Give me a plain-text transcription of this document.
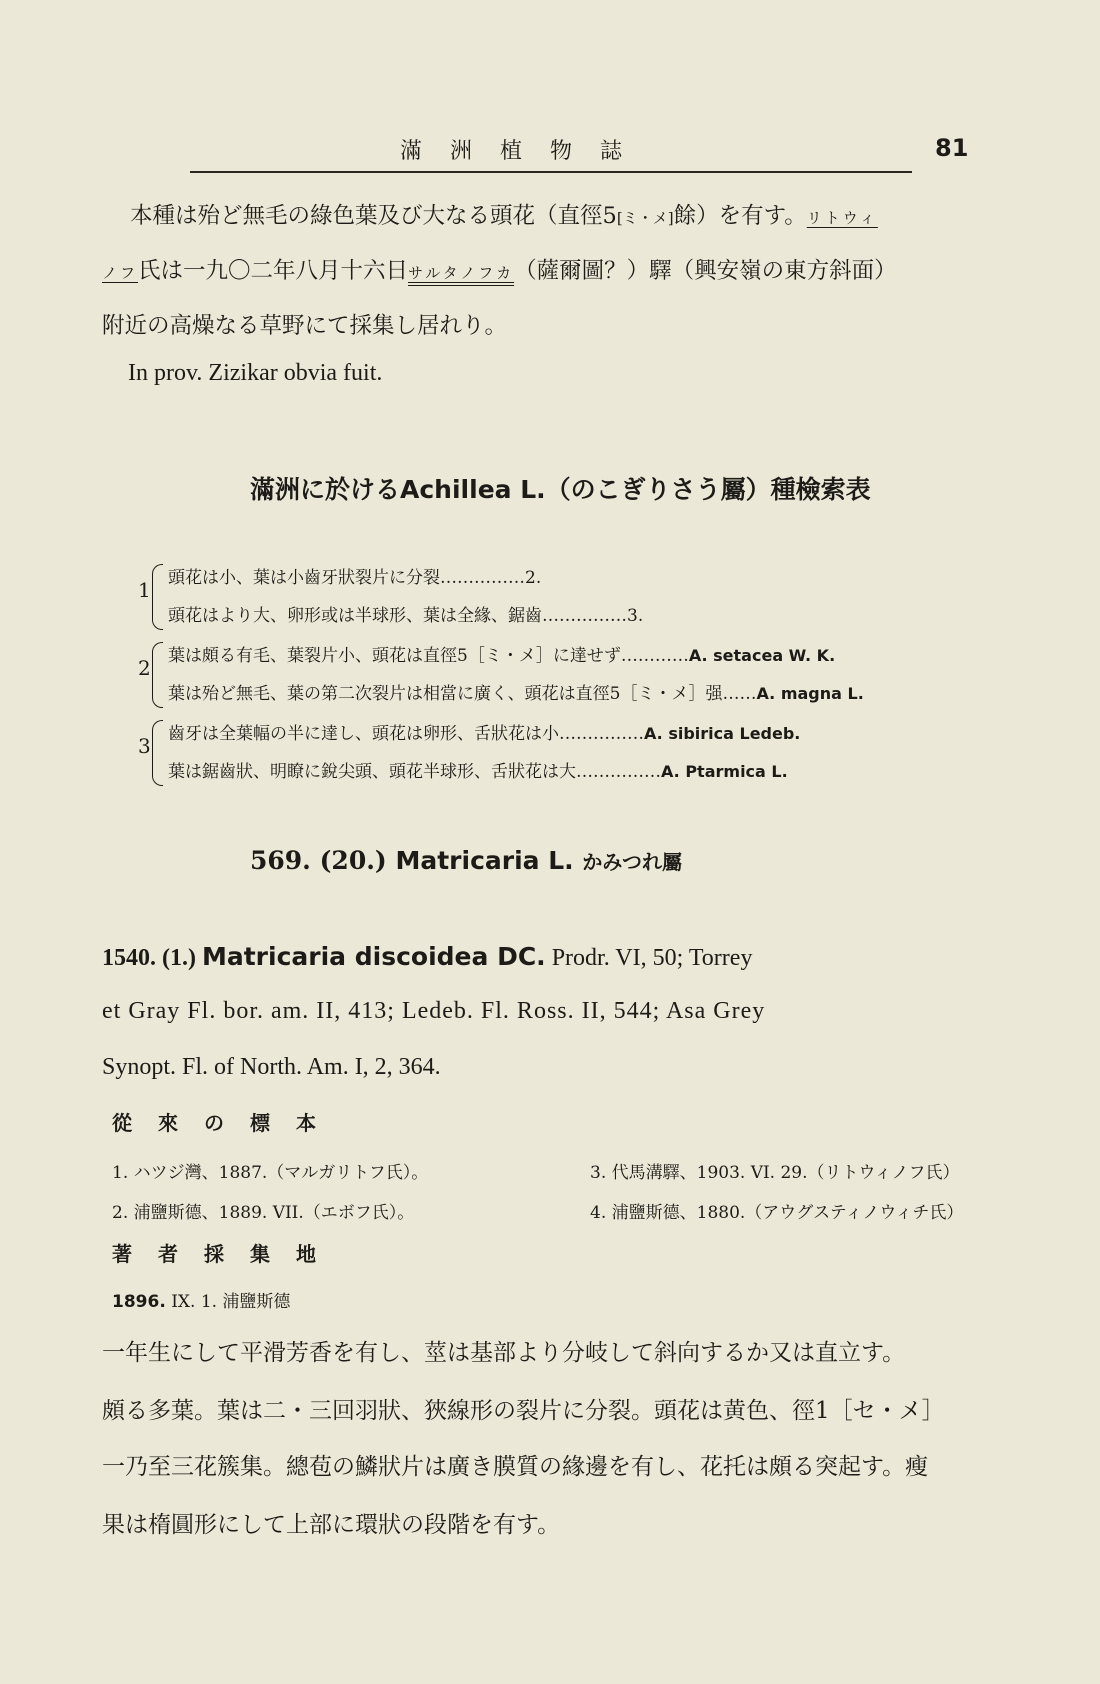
滿洲植物誌	81
本種は殆ど無毛の綠色葉及び大なる頭花（直徑5[ミ・メ]餘）を有す。リトウィ
ノフ氏は一九〇二年八月十六日サルタノフカ（薩爾圖？）驛（興安嶺の東方斜面）
附近の高燥なる草野にて採集し居れり。
In prov. Zizikar obvia fuit.
滿洲に於けるAchillea L.（のこぎりさう屬）種檢索表
1 頭花は小、葉は小齒牙狀裂片に分裂……………2.
頭花はより大、卵形或は半球形、葉は全緣、鋸齒……………3.
2 葉は頗る有毛、葉裂片小、頭花は直徑5［ミ・メ］に達せず…………A. setacea W. K.
葉は殆ど無毛、葉の第二次裂片は相當に廣く、頭花は直徑5［ミ・メ］强……A. magna L.
3 齒牙は全葉幅の半に達し、頭花は卵形、舌狀花は小……………A. sibirica Ledeb.
葉は鋸齒狀、明瞭に銳尖頭、頭花半球形、舌狀花は大……………A. Ptarmica L.
569. (20.) Matricaria L. かみつれ屬
1540. (1.) Matricaria discoidea DC. Prodr. VI, 50; Torrey
et Gray Fl. bor. am. II, 413; Ledeb. Fl. Ross. II, 544; Asa Grey
Synopt. Fl. of North. Am. I, 2, 364.
從來の標本
1. ハツジ灣、1887.（マルガリトフ氏）。
2. 浦鹽斯德、1889. VII.（エボフ氏）。
3. 代馬溝驛、1903. VI. 29.（リトウィノフ氏）
4. 浦鹽斯德、1880.（アウグスティノウィチ氏）
著者採集地
1896. IX. 1. 浦鹽斯德
一年生にして平滑芳香を有し、莖は基部より分岐して斜向するか又は直立す。
頗る多葉。葉は二・三回羽狀、狹線形の裂片に分裂。頭花は黄色、徑1［セ・メ］
一乃至三花簇集。總苞の鱗狀片は廣き膜質の緣邊を有し、花托は頗る突起す。瘦
果は楕圓形にして上部に環狀の段階を有す。
